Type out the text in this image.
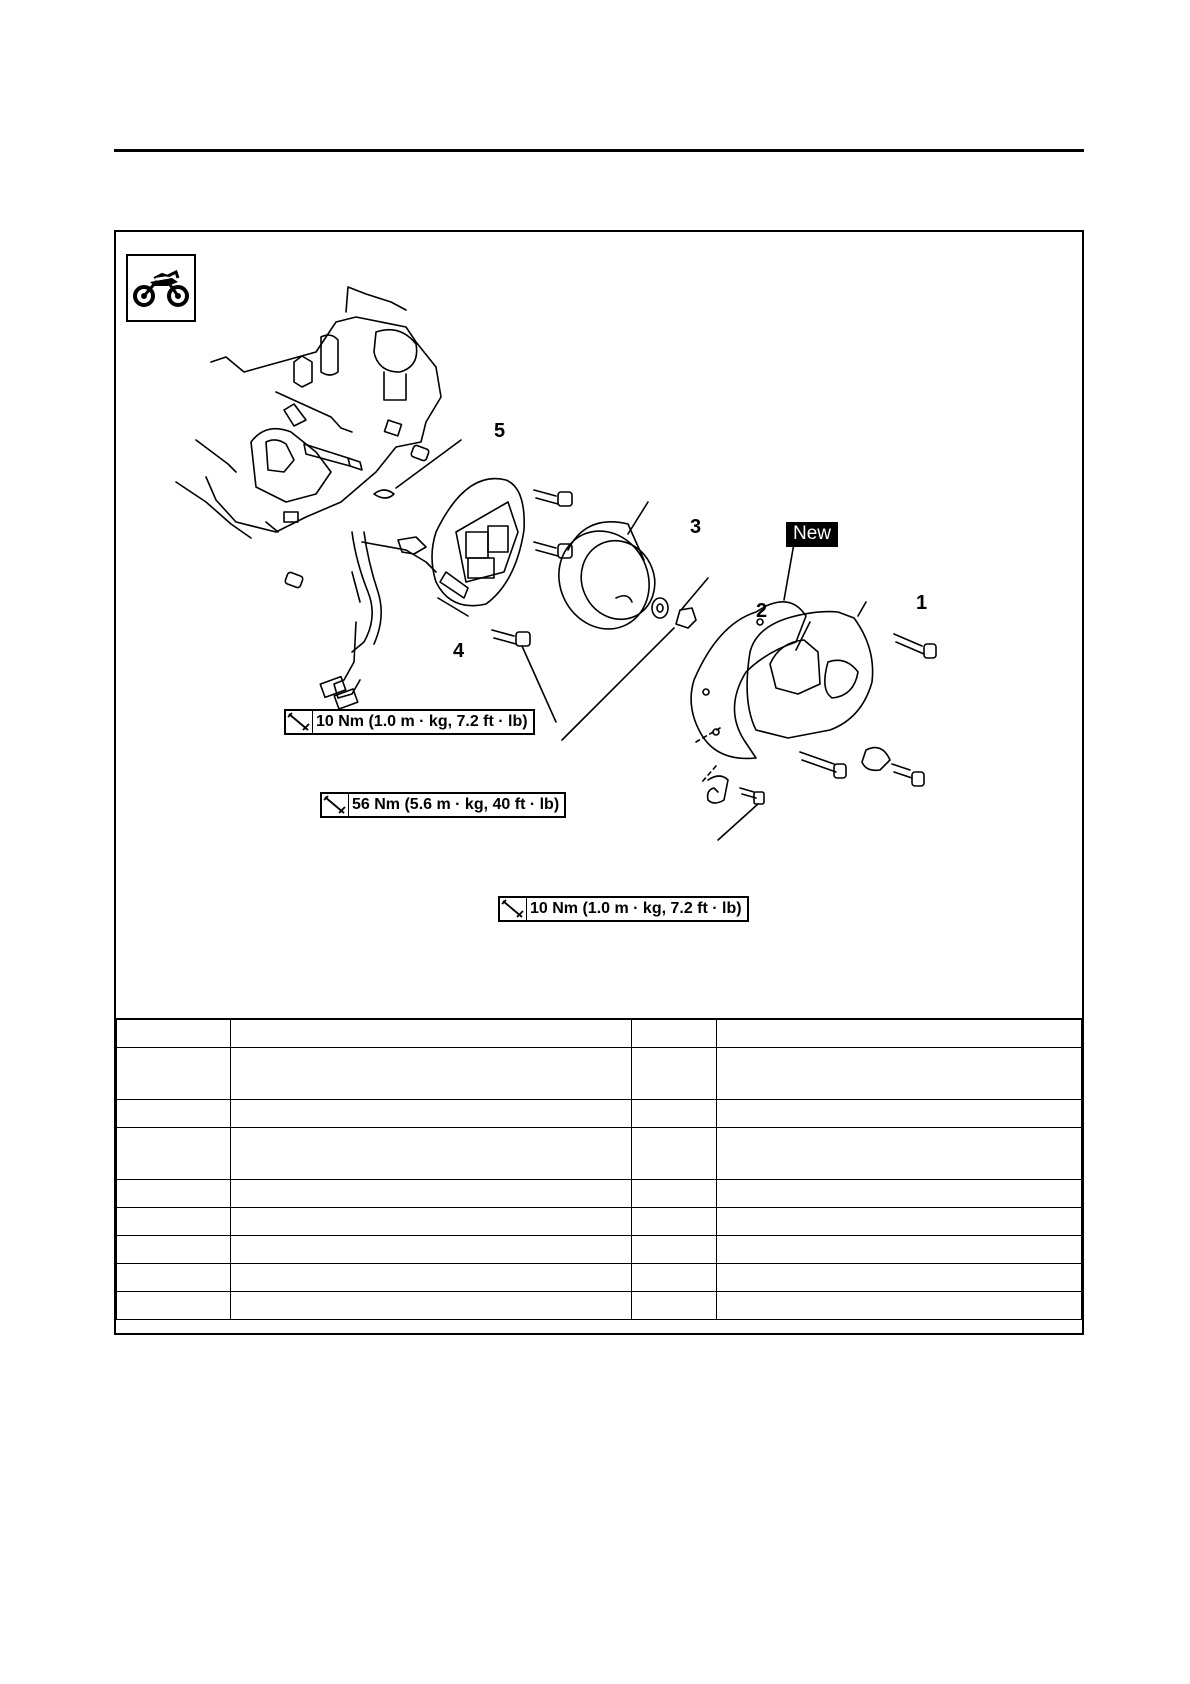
5
3
2	1
4
New
10 Nm (1.0 m · kg, 7.2 ft · lb)
56 Nm (5.6 m · kg, 40 ft · lb)
10 Nm (1.0 m · kg, 7.2 ft · lb)
